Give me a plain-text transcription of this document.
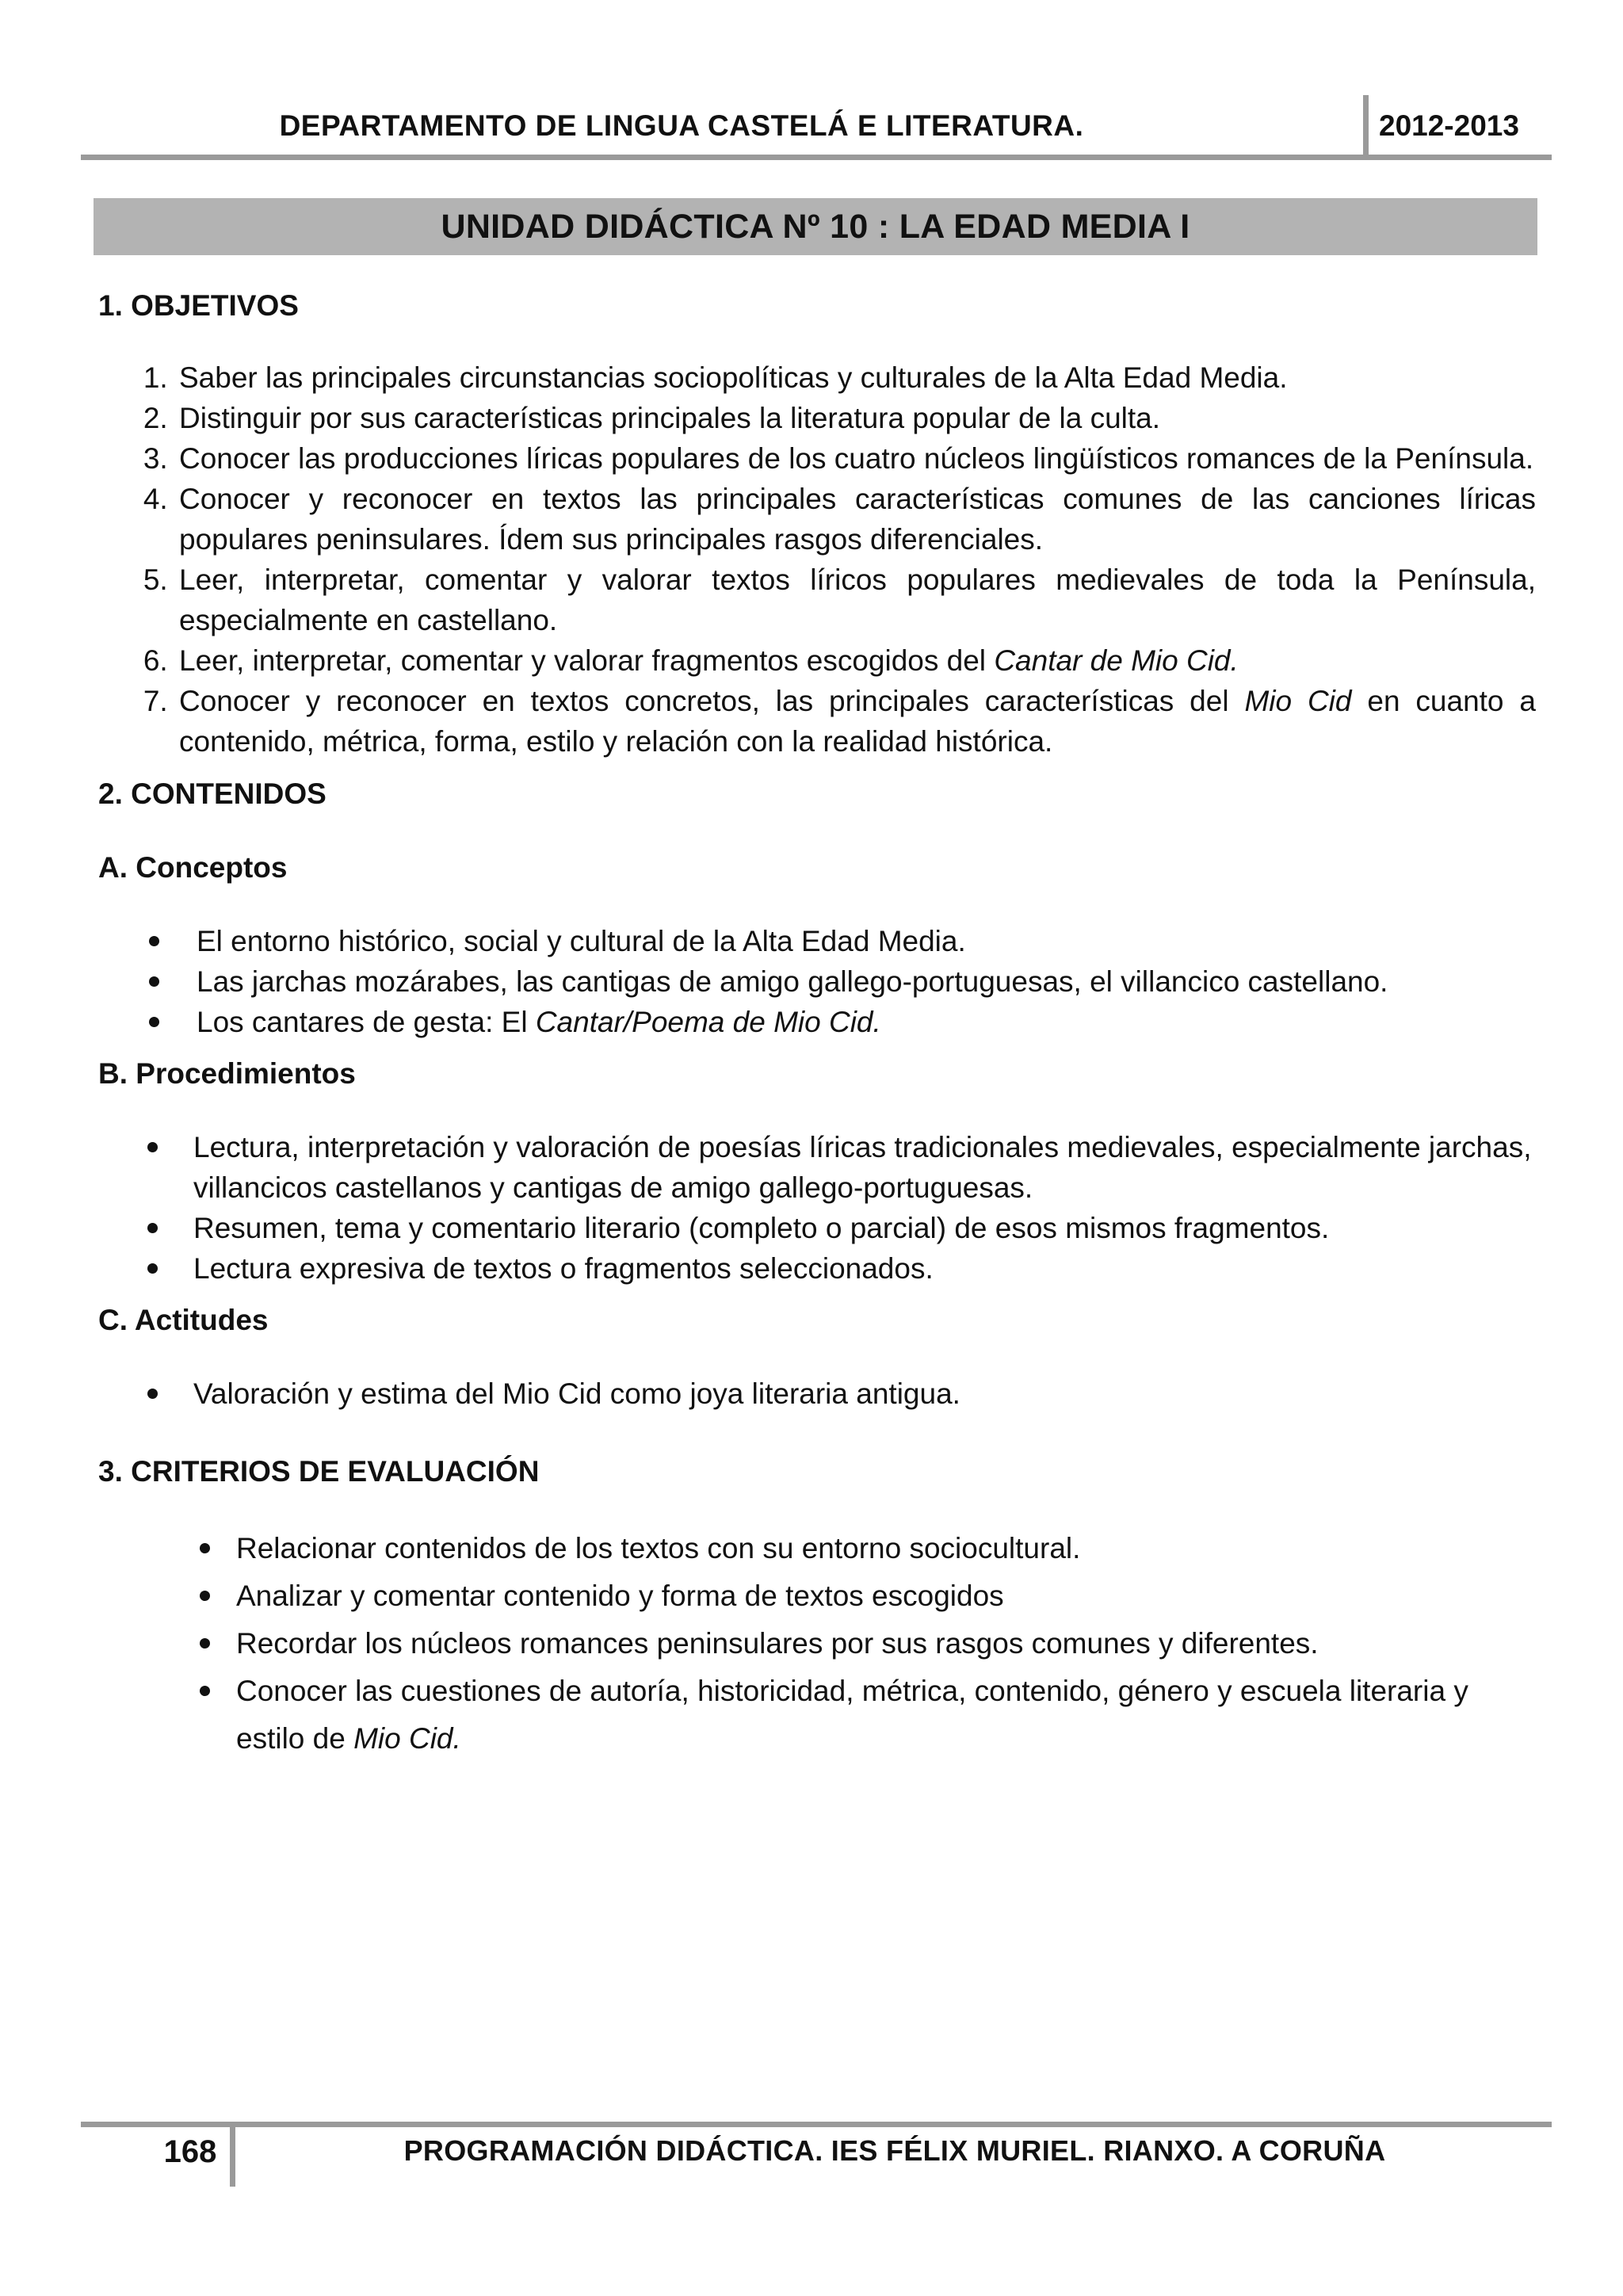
DEPARTAMENTO DE LINGUA CASTELÁ E LITERATURA.	2012-2013
UNIDAD DIDÁCTICA Nº 10 : LA EDAD MEDIA I

1. OBJETIVOS

1. Saber las principales circunstancias sociopolíticas y culturales de la Alta Edad Media.
2. Distinguir por sus características principales la literatura popular de la culta.
3. Conocer las producciones líricas populares de los cuatro núcleos lingüísticos romances de la Península.
4. Conocer y reconocer en textos las principales características comunes de las canciones líricas populares peninsulares. Ídem sus principales rasgos diferenciales.
5. Leer, interpretar, comentar y valorar textos líricos populares medievales de toda la Península, especialmente en castellano.
6. Leer, interpretar, comentar y valorar fragmentos escogidos del Cantar de Mio Cid.
7. Conocer y reconocer en textos concretos, las principales características del Mio Cid en cuanto a contenido, métrica, forma, estilo y relación con la realidad histórica.

2. CONTENIDOS

A. Conceptos

El entorno histórico, social y cultural de la Alta Edad Media.
Las jarchas mozárabes, las cantigas de amigo gallego-portuguesas, el villancico castellano.
Los cantares de gesta: El Cantar/Poema de Mio Cid.

B. Procedimientos

Lectura, interpretación y valoración de poesías líricas tradicionales medievales, especialmente jarchas, villancicos castellanos y cantigas de amigo gallego-portuguesas.
Resumen, tema y comentario literario (completo o parcial) de esos mismos fragmentos.
Lectura expresiva de textos o fragmentos seleccionados.

C. Actitudes

Valoración y estima del Mio Cid como joya literaria antigua.

3. CRITERIOS DE EVALUACIÓN

Relacionar contenidos de los textos con su entorno sociocultural.
Analizar y comentar contenido y forma de textos escogidos
Recordar los núcleos romances peninsulares por sus rasgos comunes y diferentes.
Conocer las cuestiones de autoría, historicidad, métrica, contenido, género y escuela literaria y estilo de Mio Cid.
168	PROGRAMACIÓN DIDÁCTICA. IES FÉLIX MURIEL. RIANXO. A CORUÑA
